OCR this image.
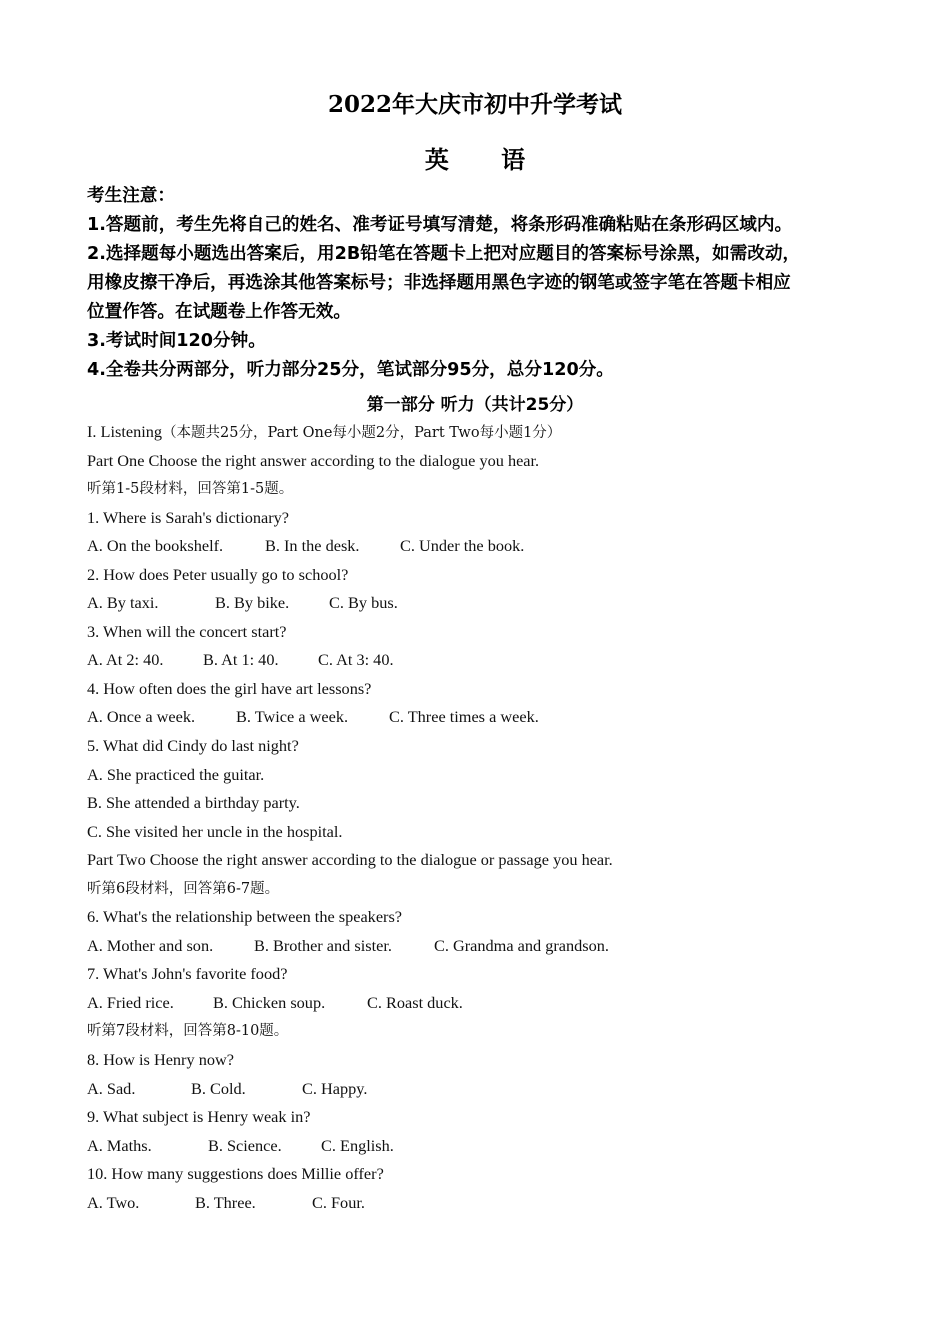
2022年大庆市初中升学考试
英 语
考生注意：
1.答题前，考生先将自己的姓名、准考证号填写清楚，将条形码准确粘贴在条形码区域内。
2.选择题每小题选出答案后，用2B铅笔在答题卡上把对应题目的答案标号涂黑，如需改动，
用橡皮擦干净后，再选涂其他答案标号；非选择题用黑色字迹的钢笔或签字笔在答题卡相应
位置作答。在试题卷上作答无效。
3.考试时间120分钟。
4.全卷共分两部分，听力部分25分，笔试部分95分，总分120分。
第一部分 听力（共计25分）
I. Listening（本题共25分，Part One每小题2分，Part Two每小题1分）
Part One Choose the right answer according to the dialogue you hear.
听第1-5段材料，回答第1-5题。
1. Where is Sarah's dictionary?
A. On the bookshelf.	B. In the desk. C. Under the book.
2. How does Peter usually go to school?
A. By taxi.	B. By bike. C. By bus.
3. When will the concert start?
A. At 2: 40. B. At 1: 40. C. At 3: 40.
4. How often does the girl have art lessons?
A. Once a week.	B. Twice a week.	C. Three times a week.
5. What did Cindy do last night?
A. She practiced the guitar.
B. She attended a birthday party.
C. She visited her uncle in the hospital.
Part Two Choose the right answer according to the dialogue or passage you hear.
听第6段材料，回答第6-7题。
6. What's the relationship between the speakers?
A. Mother and son.	B. Brother and sister.	C. Grandma and grandson.
7. What's John's favorite food?
A. Fried rice. B. Chicken soup.	C. Roast duck.
听第7段材料，回答第8-10题。
8. How is Henry now?
A. Sad.	B. Cold.	C. Happy.
9. What subject is Henry weak in?
A. Maths.	B. Science. C. English.
10. How many suggestions does Millie offer?
A. Two.	B. Three.	C. Four.
